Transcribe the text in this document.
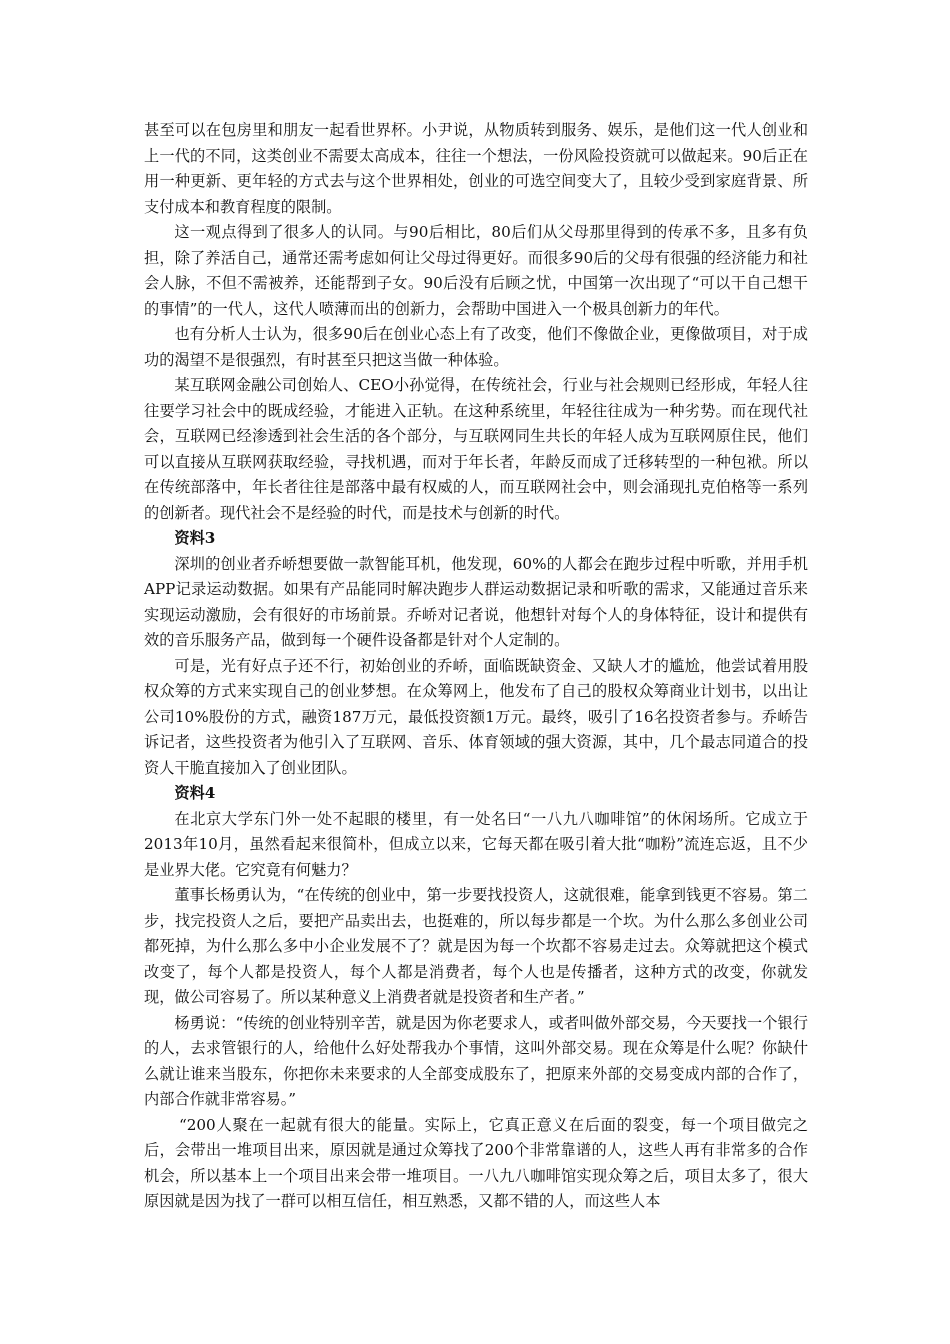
甚至可以在包房里和朋友一起看世界杯。小尹说，从物质转到服务、娱乐，是他们这一代人创业和上一代的不同，这类创业不需要太高成本，往往一个想法，一份风险投资就可以做起来。90后正在用一种更新、更年轻的方式去与这个世界相处，创业的可选空间变大了，且较少受到家庭背景、所支付成本和教育程度的限制。

这一观点得到了很多人的认同。与90后相比，80后们从父母那里得到的传承不多，且多有负担，除了养活自己，通常还需考虑如何让父母过得更好。而很多90后的父母有很强的经济能力和社会人脉，不但不需被养，还能帮到子女。90后没有后顾之忧，中国第一次出现了“可以干自己想干的事情”的一代人，这代人喷薄而出的创新力，会帮助中国进入一个极具创新力的年代。

也有分析人士认为，很多90后在创业心态上有了改变，他们不像做企业，更像做项目，对于成功的渴望不是很强烈，有时甚至只把这当做一种体验。

某互联网金融公司创始人、CEO小孙觉得，在传统社会，行业与社会规则已经形成，年轻人往往要学习社会中的既成经验，才能进入正轨。在这种系统里，年轻往往成为一种劣势。而在现代社会，互联网已经渗透到社会生活的各个部分，与互联网同生共长的年轻人成为互联网原住民，他们可以直接从互联网获取经验，寻找机遇，而对于年长者，年龄反而成了迁移转型的一种包袱。所以在传统部落中，年长者往往是部落中最有权威的人，而互联网社会中，则会涌现扎克伯格等一系列的创新者。现代社会不是经验的时代，而是技术与创新的时代。

资料3

深圳的创业者乔峤想要做一款智能耳机，他发现，60%的人都会在跑步过程中听歌，并用手机APP记录运动数据。如果有产品能同时解决跑步人群运动数据记录和听歌的需求，又能通过音乐来实现运动激励，会有很好的市场前景。乔峤对记者说，他想针对每个人的身体特征，设计和提供有效的音乐服务产品，做到每一个硬件设备都是针对个人定制的。

可是，光有好点子还不行，初始创业的乔峤，面临既缺资金、又缺人才的尴尬，他尝试着用股权众筹的方式来实现自己的创业梦想。在众筹网上，他发布了自己的股权众筹商业计划书，以出让公司10%股份的方式，融资187万元，最低投资额1万元。最终，吸引了16名投资者参与。乔峤告诉记者，这些投资者为他引入了互联网、音乐、体育领域的强大资源，其中，几个最志同道合的投资人干脆直接加入了创业团队。

资料4

在北京大学东门外一处不起眼的楼里，有一处名曰“一八九八咖啡馆”的休闲场所。它成立于2013年10月，虽然看起来很简朴，但成立以来，它每天都在吸引着大批“咖粉”流连忘返，且不少是业界大佬。它究竟有何魅力？

董事长杨勇认为，“在传统的创业中，第一步要找投资人，这就很难，能拿到钱更不容易。第二步，找完投资人之后，要把产品卖出去，也挺难的，所以每步都是一个坎。为什么那么多创业公司都死掉，为什么那么多中小企业发展不了？就是因为每一个坎都不容易走过去。众筹就把这个模式改变了，每个人都是投资人，每个人都是消费者，每个人也是传播者，这种方式的改变，你就发现，做公司容易了。所以某种意义上消费者就是投资者和生产者。”

杨勇说：“传统的创业特别辛苦，就是因为你老要求人，或者叫做外部交易，今天要找一个银行的人，去求管银行的人，给他什么好处帮我办个事情，这叫外部交易。现在众筹是什么呢？你缺什么就让谁来当股东，你把你未来要求的人全部变成股东了，把原来外部的交易变成内部的合作了，内部合作就非常容易。”

“200人聚在一起就有很大的能量。实际上，它真正意义在后面的裂变，每一个项目做完之后，会带出一堆项目出来，原因就是通过众筹找了200个非常靠谱的人，这些人再有非常多的合作机会，所以基本上一个项目出来会带一堆项目。一八九八咖啡馆实现众筹之后，项目太多了，很大原因就是因为找了一群可以相互信任，相互熟悉，又都不错的人，而这些人本
